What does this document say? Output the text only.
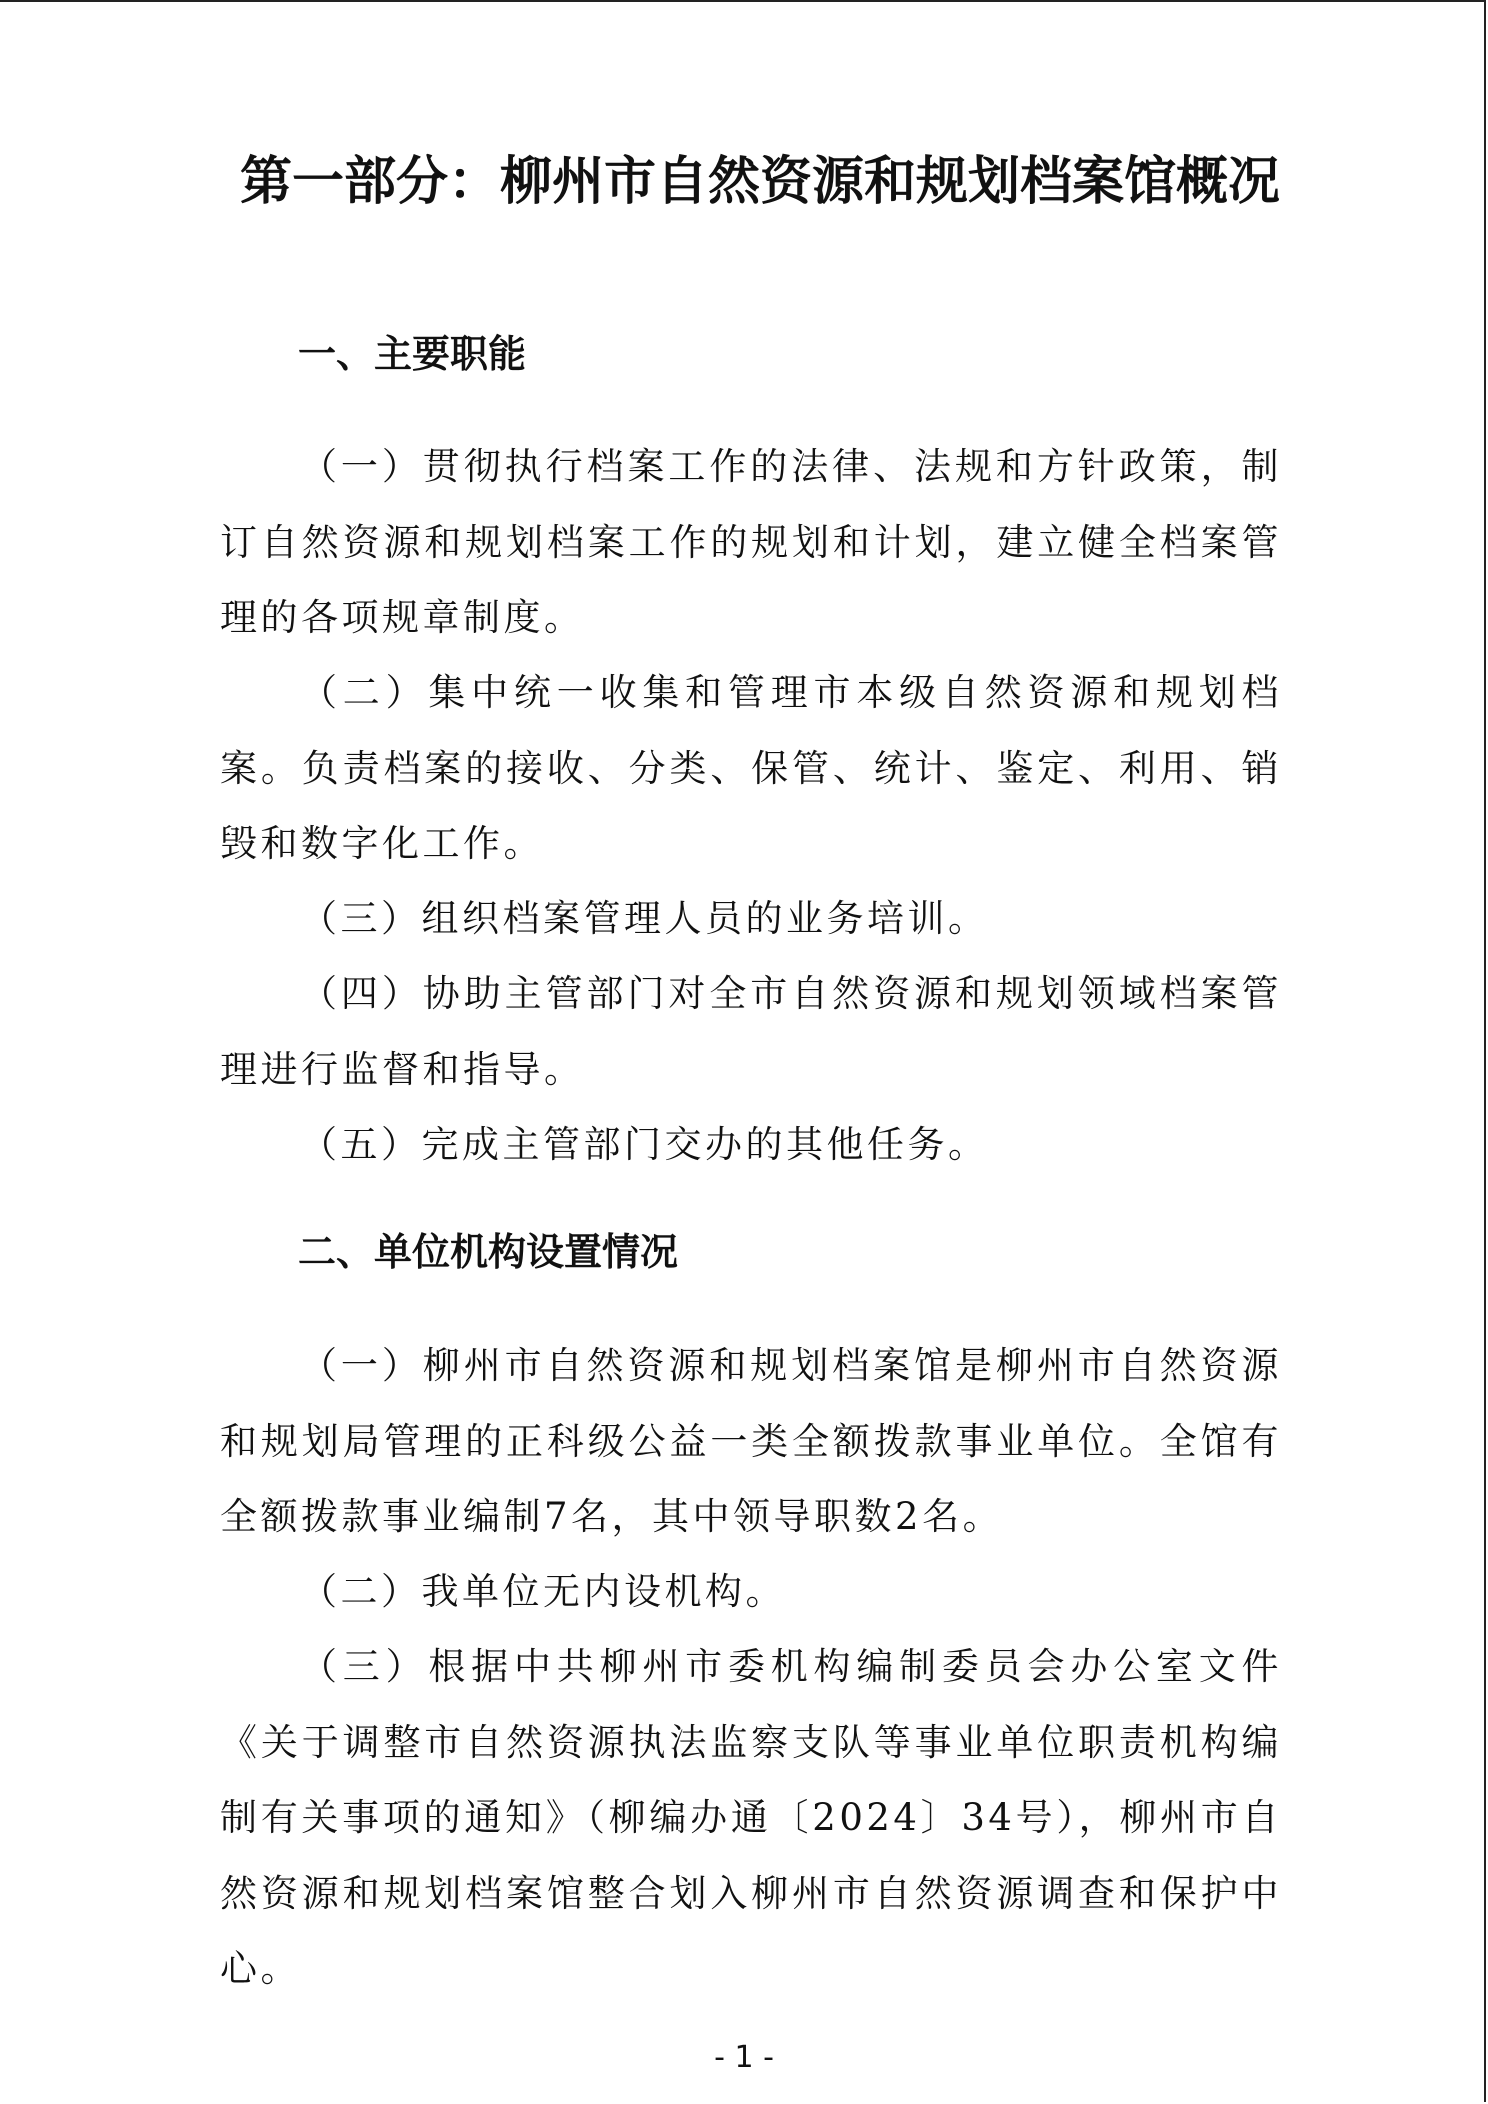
第一部分：柳州市自然资源和规划档案馆概况
一、主要职能

（一）贯彻执行档案工作的法律、法规和方针政策，制订自然资源和规划档案工作的规划和计划，建立健全档案管理的各项规章制度。

（二）集中统一收集和管理市本级自然资源和规划档案。负责档案的接收、分类、保管、统计、鉴定、利用、销毁和数字化工作。

（三）组织档案管理人员的业务培训。

（四）协助主管部门对全市自然资源和规划领域档案管理进行监督和指导。

（五）完成主管部门交办的其他任务。

二、单位机构设置情况

（一）柳州市自然资源和规划档案馆是柳州市自然资源和规划局管理的正科级公益一类全额拨款事业单位。全馆有全额拨款事业编制7名，其中领导职数2名。

（二）我单位无内设机构。

（三）根据中共柳州市委机构编制委员会办公室文件《关于调整市自然资源执法监察支队等事业单位职责机构编制有关事项的通知》（柳编办通〔2024〕34号），柳州市自然资源和规划档案馆整合划入柳州市自然资源调查和保护中心。

- 1 -
